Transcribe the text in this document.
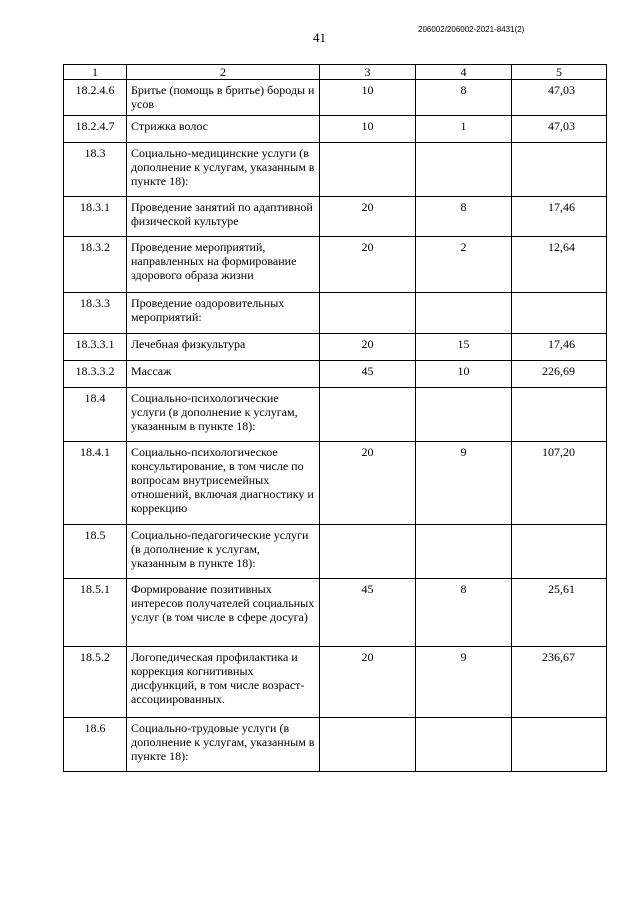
41
206002/206002-2021-8431(2)
1	2	3	4	5
18.2.4.6	Бритье (помощь в бритье) бороды и усов	10	8	47,03
18.2.4.7	Стрижка волос	10	1	47,03
18.3	Социально-медицинские услуги (в дополнение к услугам, указанным в пункте 18):			
18.3.1	Проведение занятий по адаптивной физической культуре	20	8	17,46
18.3.2	Проведение мероприятий, направленных на формирование здорового образа жизни	20	2	12,64
18.3.3	Проведение оздоровительных мероприятий:			
18.3.3.1	Лечебная физкультура	20	15	17,46
18.3.3.2	Массаж	45	10	226,69
18.4	Социально-психологические услуги (в дополнение к услугам, указанным в пункте 18):			
18.4.1	Социально-психологическое консультирование, в том числе по вопросам внутрисемейных отношений, включая диагностику и коррекцию	20	9	107,20
18.5	Социально-педагогические услуги (в дополнение к услугам, указанным в пункте 18):			
18.5.1	Формирование позитивных интересов получателей социальных услуг (в том числе в сфере досуга)	45	8	25,61
18.5.2	Логопедическая профилактика и коррекция когнитивных дисфункций, в том числе возраст-ассоциированных.	20	9	236,67
18.6	Социально-трудовые услуги (в дополнение к услугам, указанным в пункте 18):			
